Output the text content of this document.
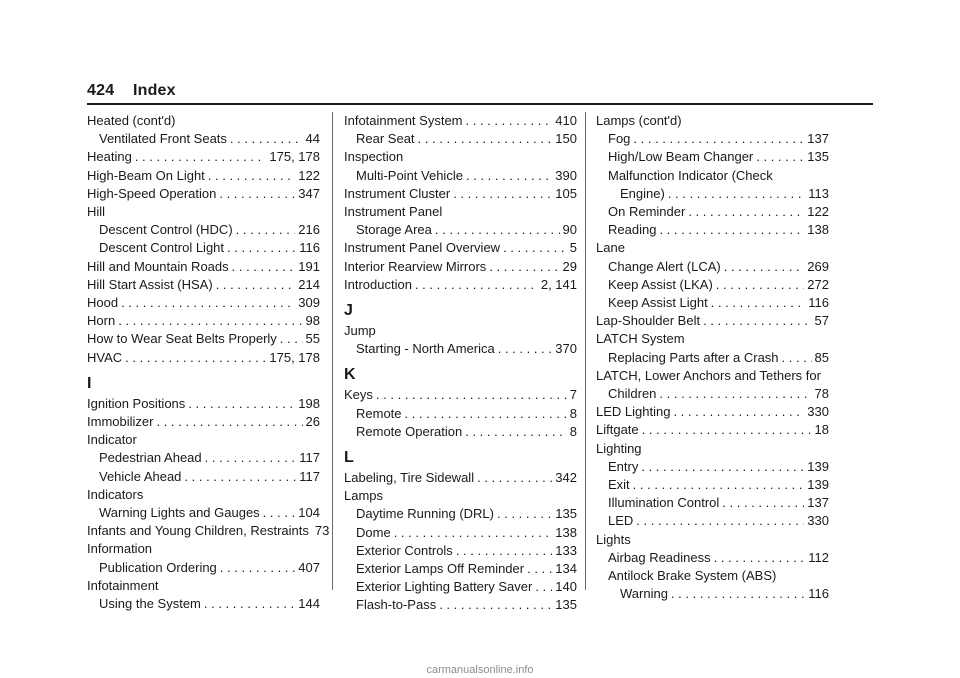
424 Index
Heated (cont'd)
Ventilated Front Seats . . .	44
Heating . . .	175, 178
High-Beam On Light . . .	122
High-Speed Operation . . .	347
Hill
Descent Control (HDC) . . .	216
Descent Control Light . . .	116
Hill and Mountain Roads . . .	191
Hill Start Assist (HSA) . . .	214
Hood . . .	309
Horn . . .	98
How to Wear Seat Belts Properly . . . 55
HVAC . . .	175, 178
I
Ignition Positions . . .	198
Immobilizer . . .	26
Indicator
Pedestrian Ahead . . .	117
Vehicle Ahead . . .	117
Indicators
Warning Lights and Gauges . . .	104
Infants and Young Children, Restraints 73
Information
Publication Ordering . . .	407
Infotainment
Using the System . . .	144
Infotainment System . . .	410
Rear Seat . . .	150
Inspection
Multi-Point Vehicle . . .	390
Instrument Cluster . . .	105
Instrument Panel
Storage Area . . .	90
Instrument Panel Overview . . .	5
Interior Rearview Mirrors . . .	29
Introduction . . .	2, 141
J
Jump
Starting - North America . . .	370
K
Keys . . .	7
Remote . . .	8
Remote Operation . . .	8
L
Labeling, Tire Sidewall . . .	342
Lamps
Daytime Running (DRL) . . .	135
Dome . . .	138
Exterior Controls . . .	133
Exterior Lamps Off Reminder . . . 134
Exterior Lighting Battery Saver . . . 140
Flash-to-Pass . . .	135
Lamps (cont'd)
Fog . . .	137
High/Low Beam Changer . . .	135
Malfunction Indicator (Check
Engine) . . .	113
On Reminder . . .	122
Reading . . .	138
Lane
Change Alert (LCA) . . .	269
Keep Assist (LKA) . . .	272
Keep Assist Light . . .	116
Lap-Shoulder Belt . . .	57
LATCH System
Replacing Parts after a Crash . . .	85
LATCH, Lower Anchors and Tethers for
Children . . .	78
LED Lighting . . .	330
Liftgate . . .	18
Lighting
Entry . . .	139
Exit . . .	139
Illumination Control . . .	137
LED . . .	330
Lights
Airbag Readiness . . .	112
Antilock Brake System (ABS)
Warning . . .	116
carmanualsonline.info
